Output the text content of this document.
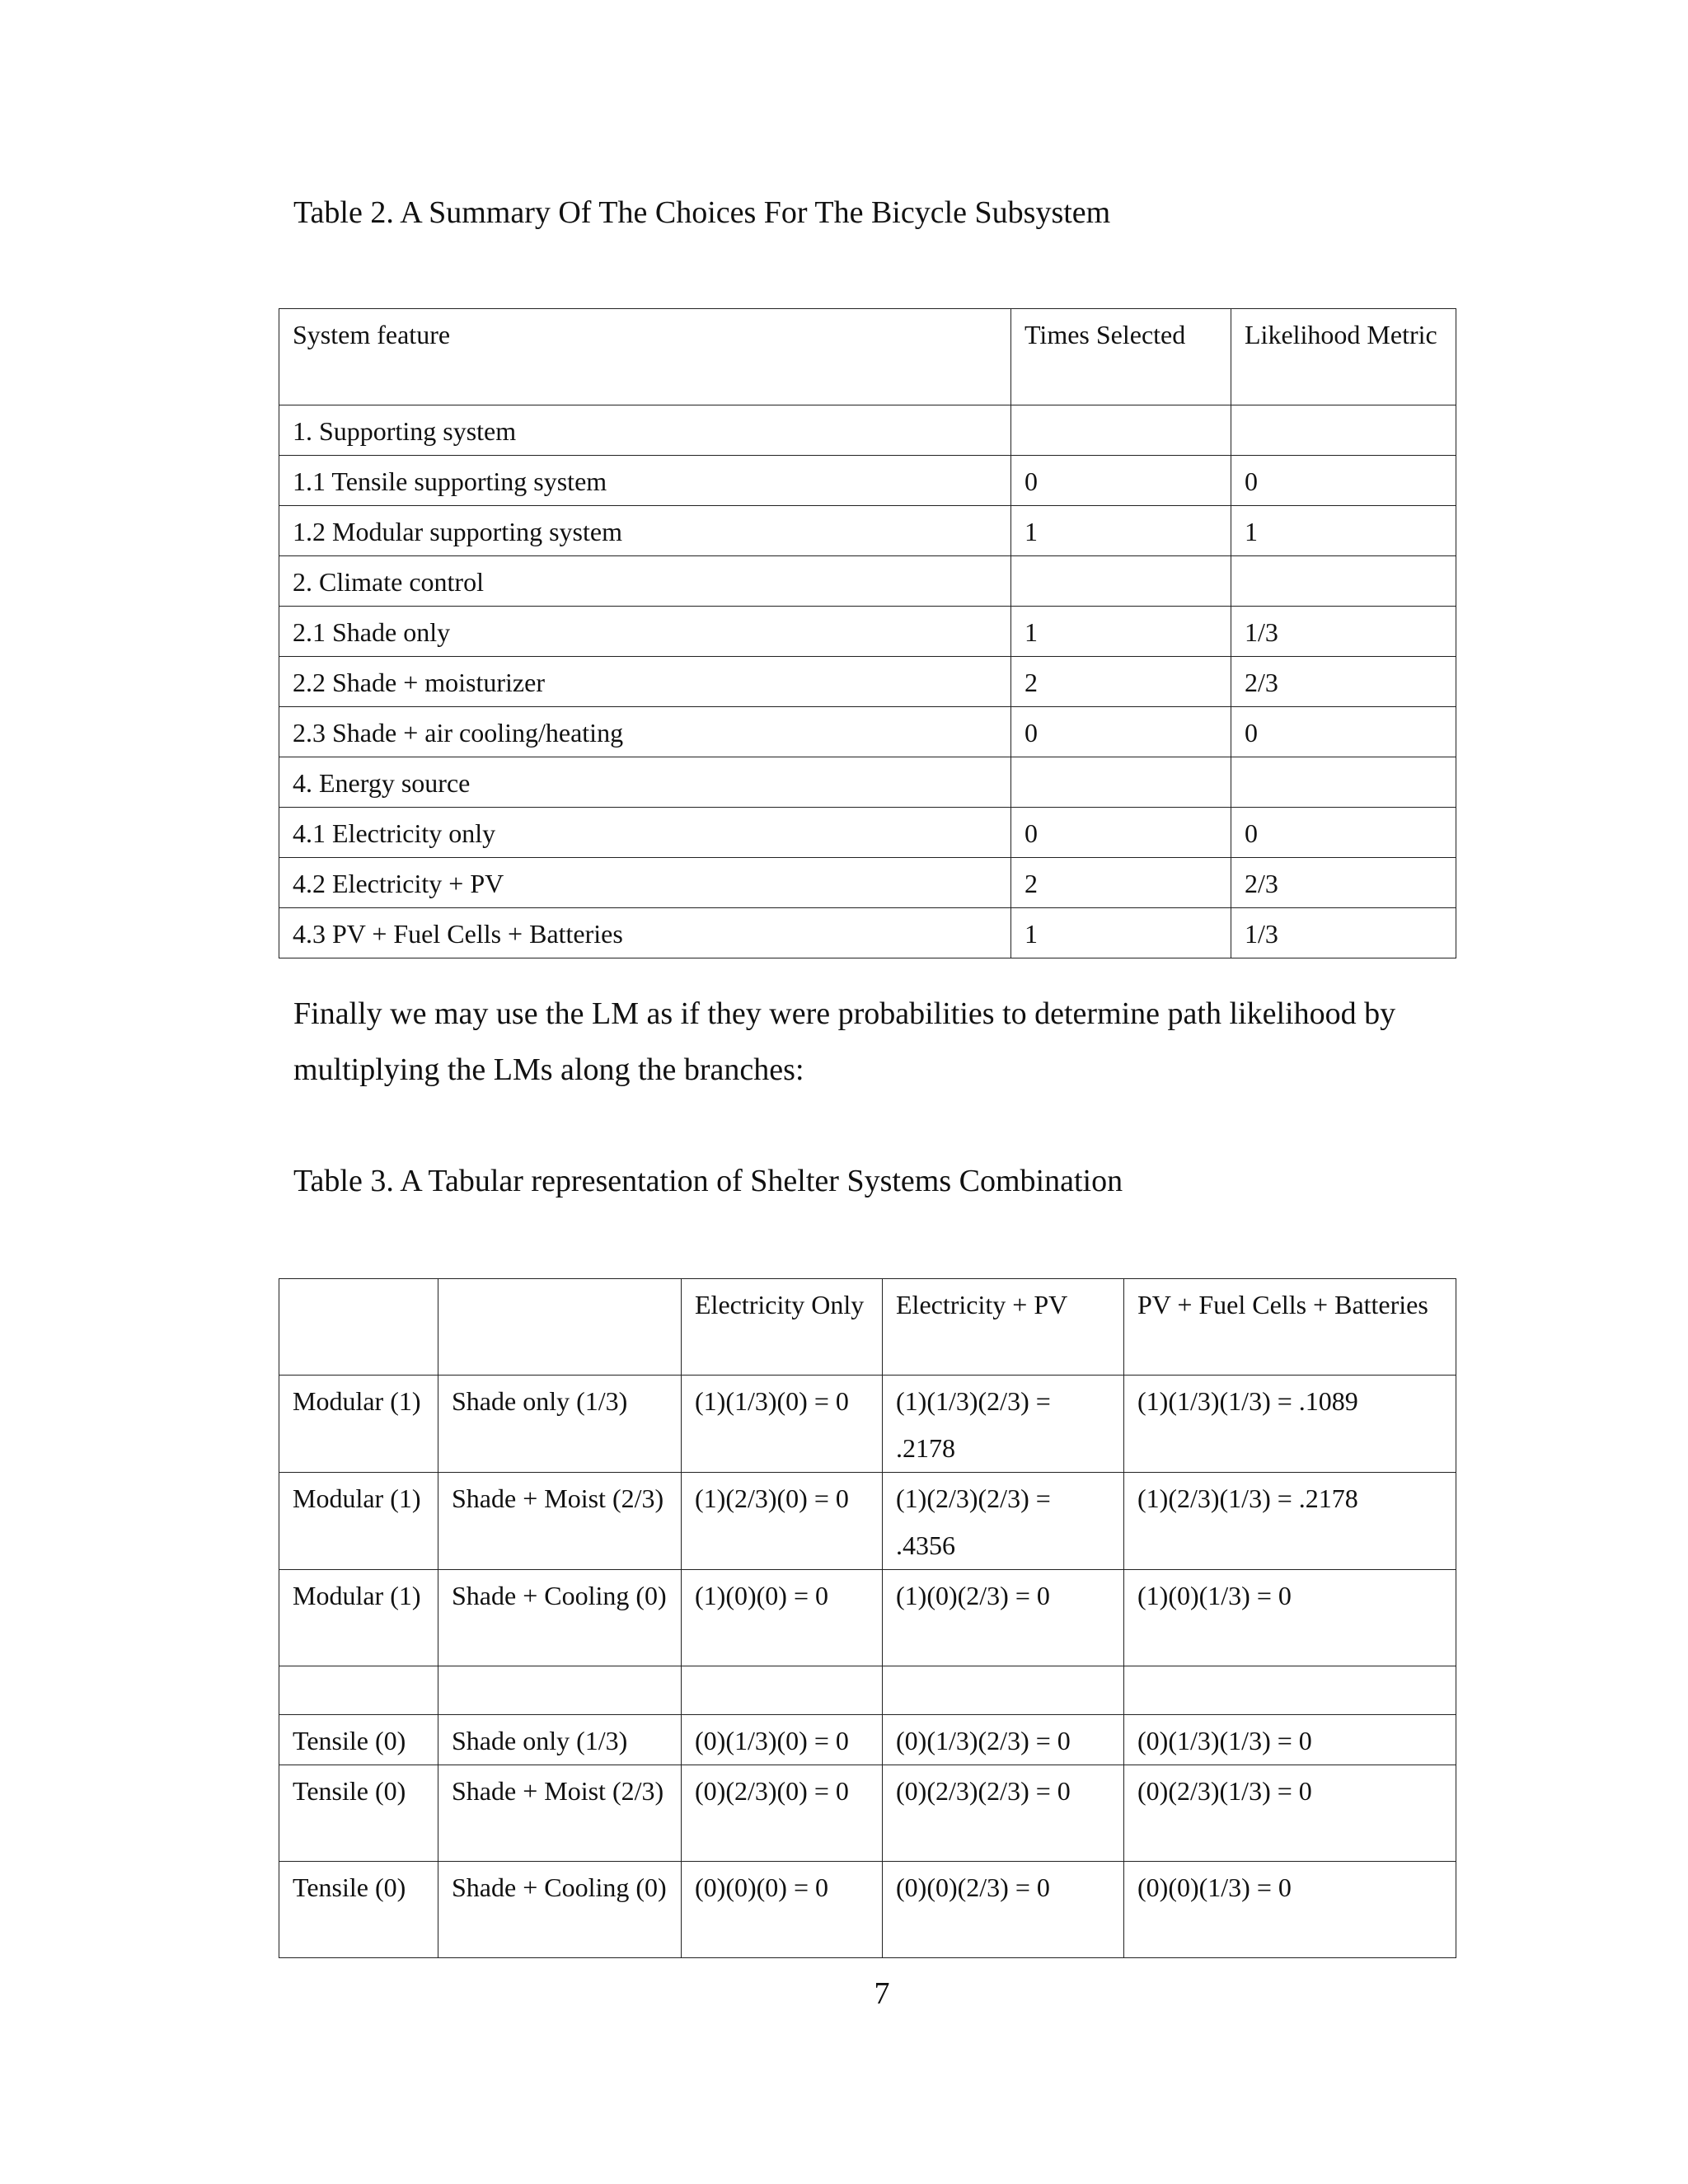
Table 2. A Summary Of The Choices For The Bicycle Subsystem
System feature	Times Selected	Likelihood Metric
1. Supporting system		
1.1 Tensile supporting system	0	0
1.2 Modular supporting system	1	1
2. Climate control		
2.1 Shade only	1	1/3
2.2 Shade + moisturizer	2	2/3
2.3 Shade + air cooling/heating	0	0
4. Energy source		
4.1 Electricity only	0	0
4.2 Electricity + PV	2	2/3
4.3 PV + Fuel Cells + Batteries	1	1/3
Finally we may use the LM as if they were probabilities to determine path likelihood by multiplying the LMs along the branches:
Table 3. A Tabular representation of Shelter Systems Combination
		Electricity Only	Electricity + PV	PV + Fuel Cells + Batteries
Modular (1)	Shade only (1/3)	(1)(1/3)(0) = 0	(1)(1/3)(2/3) = .2178	(1)(1/3)(1/3) = .1089
Modular (1)	Shade + Moist (2/3)	(1)(2/3)(0) = 0	(1)(2/3)(2/3) = .4356	(1)(2/3)(1/3) = .2178
Modular (1)	Shade + Cooling (0)	(1)(0)(0) = 0	(1)(0)(2/3) = 0	(1)(0)(1/3) = 0

Tensile (0)	Shade only (1/3)	(0)(1/3)(0) = 0	(0)(1/3)(2/3) = 0	(0)(1/3)(1/3) = 0
Tensile (0)	Shade + Moist (2/3)	(0)(2/3)(0) = 0	(0)(2/3)(2/3) = 0	(0)(2/3)(1/3) = 0
Tensile (0)	Shade + Cooling (0)	(0)(0)(0) = 0	(0)(0)(2/3) = 0	(0)(0)(1/3) = 0
7
